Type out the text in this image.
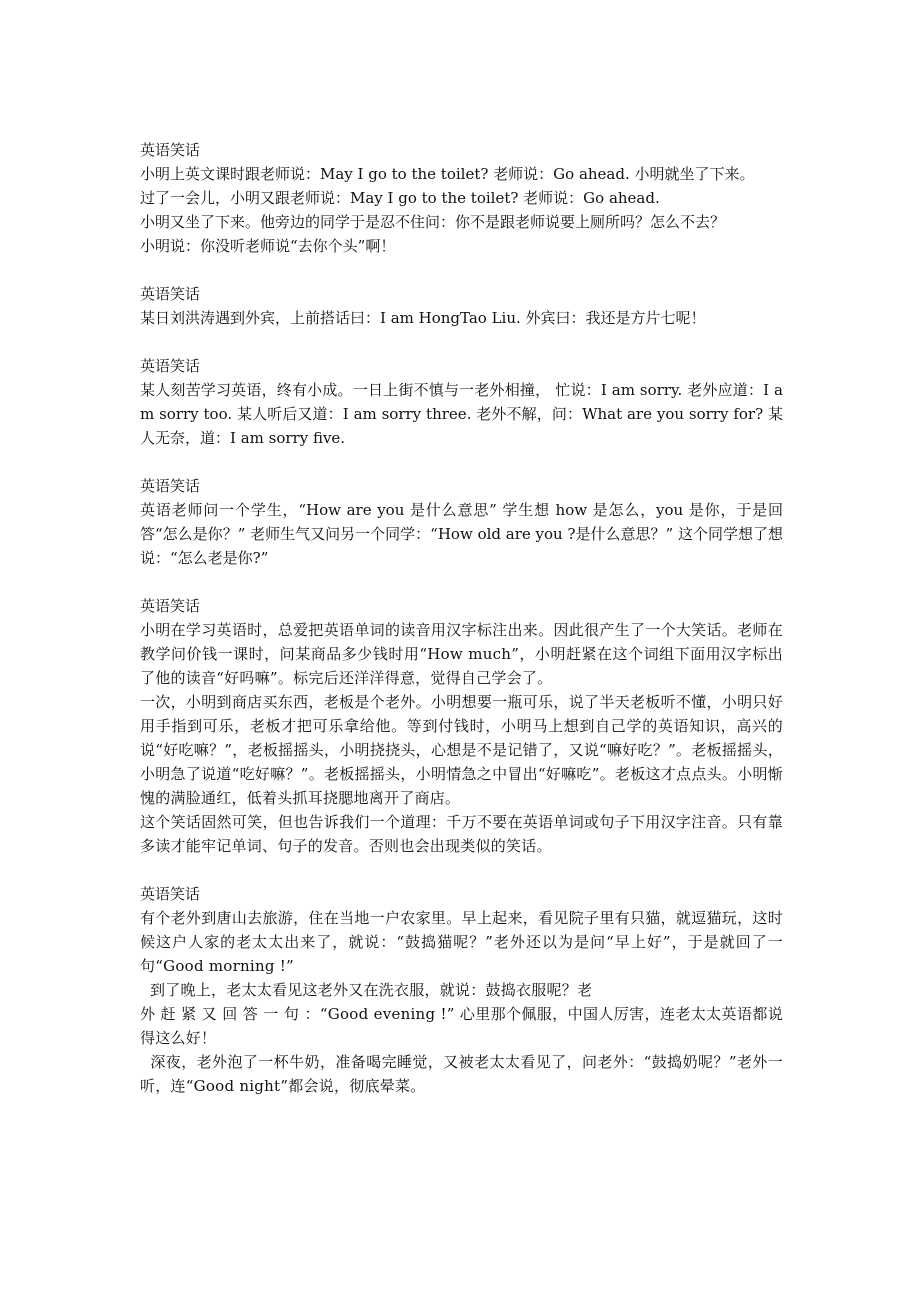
英语笑话

小明上英文课时跟老师说：May I go to the toilet? 老师说：Go ahead. 小明就坐了下来。

过了一会儿，小明又跟老师说：May I go to the toilet? 老师说：Go ahead.

小明又坐了下来。他旁边的同学于是忍不住问：你不是跟老师说要上厕所吗？怎么不去？

小明说：你没听老师说“去你个头”啊！

英语笑话

某日刘洪涛遇到外宾，上前搭话曰：I am HongTao Liu. 外宾曰：我还是方片七呢！

英语笑话

某人刻苦学习英语，终有小成。一日上街不慎与一老外相撞， 忙说：I am sorry. 老外应道：I am sorry too. 某人听后又道：I am sorry three. 老外不解，问：What are you sorry for? 某人无奈，道：I am sorry five.

英语笑话

英语老师问一个学生，“How are you 是什么意思” 学生想 how 是怎么，you 是你，于是回答“怎么是你？” 老师生气又问另一个同学：“How old are you ?是什么意思？” 这个同学想了想说：“怎么老是你?”

英语笑话

小明在学习英语时，总爱把英语单词的读音用汉字标注出来。因此很产生了一个大笑话。老师在教学问价钱一课时，问某商品多少钱时用“How much”，小明赶紧在这个词组下面用汉字标出了他的读音“好吗嘛”。标完后还洋洋得意，觉得自己学会了。

一次，小明到商店买东西，老板是个老外。小明想要一瓶可乐，说了半天老板听不懂，小明只好用手指到可乐，老板才把可乐拿给他。等到付钱时，小明马上想到自己学的英语知识，高兴的说“好吃嘛？”，老板摇摇头，小明挠挠头，心想是不是记错了，又说“嘛好吃？”。老板摇摇头，小明急了说道“吃好嘛？”。老板摇摇头，小明情急之中冒出“好嘛吃”。老板这才点点头。小明惭愧的满脸通红，低着头抓耳挠腮地离开了商店。

这个笑话固然可笑，但也告诉我们一个道理：千万不要在英语单词或句子下用汉字注音。只有靠多读才能牢记单词、句子的发音。否则也会出现类似的笑话。

英语笑话

有个老外到唐山去旅游，住在当地一户农家里。早上起来，看见院子里有只猫，就逗猫玩，这时候这户人家的老太太出来了，就说：“鼓捣猫呢？”老外还以为是问“早上好”，于是就回了一句“Good morning !”

到了晚上，老太太看见这老外又在洗衣服，就说：鼓捣衣服呢？老

外 赶 紧 又 回 答 一 句 ：“Good evening !” 心里那个佩服，中国人厉害，连老太太英语都说得这么好！

深夜，老外泡了一杯牛奶，准备喝完睡觉，又被老太太看见了，问老外：“鼓捣奶呢？”老外一听，连“Good night”都会说，彻底晕菜。
